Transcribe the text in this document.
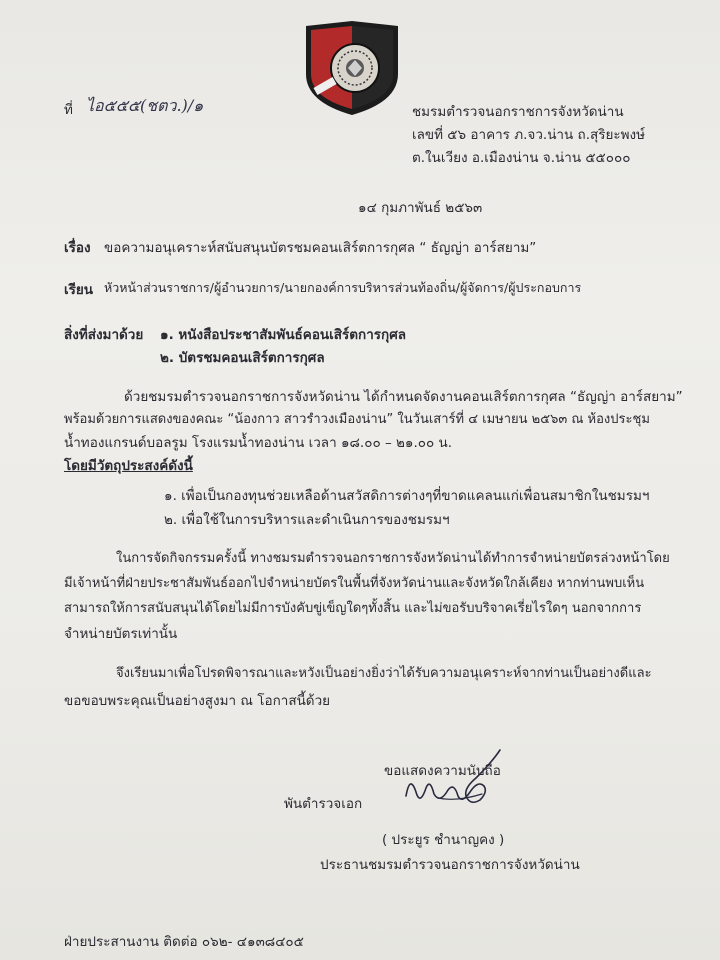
ที่ ไอ๕๕๕(ชตว.)/๑	ชมรมตำรวจนอกราชการจังหวัดน่าน
เลขที่ ๕๖ อาคาร ภ.จว.น่าน ถ.สุริยะพงษ์
ต.ในเวียง อ.เมืองน่าน จ.น่าน ๕๕๐๐๐
๑๔ กุมภาพันธ์ ๒๕๖๓
เรื่อง ขอความอนุเคราะห์สนับสนุนบัตรชมคอนเสิร์ตการกุศล “ ธัญญ่า อาร์สยาม”
เรียน หัวหน้าส่วนราชการ/ผู้อำนวยการ/นายกองค์การบริหารส่วนท้องถิ่น/ผู้จัดการ/ผู้ประกอบการ
สิ่งที่ส่งมาด้วย ๑. หนังสือประชาสัมพันธ์คอนเสิร์ตการกุศล
๒. บัตรชมคอนเสิร์ตการกุศล
ด้วยชมรมตำรวจนอกราชการจังหวัดน่าน ได้กำหนดจัดงานคอนเสิร์ตการกุศล “ธัญญ่า อาร์สยาม”
พร้อมด้วยการแสดงของคณะ “น้องกาว สาวรำวงเมืองน่าน” ในวันเสาร์ที่ ๔ เมษายน ๒๕๖๓ ณ ห้องประชุม
น้ำทองแกรนด์บอลรูม โรงแรมน้ำทองน่าน เวลา ๑๘.๐๐ – ๒๑.๐๐ น.
โดยมีวัตถุประสงค์ดังนี้
๑. เพื่อเป็นกองทุนช่วยเหลือด้านสวัสดิการต่างๆที่ขาดแคลนแก่เพื่อนสมาชิกในชมรมฯ
๒. เพื่อใช้ในการบริหารและดำเนินการของชมรมฯ
ในการจัดกิจกรรมครั้งนี้ ทางชมรมตำรวจนอกราชการจังหวัดน่านได้ทำการจำหน่ายบัตรล่วงหน้าโดย
มีเจ้าหน้าที่ฝ่ายประชาสัมพันธ์ออกไปจำหน่ายบัตรในพื้นที่จังหวัดน่านและจังหวัดใกล้เคียง หากท่านพบเห็น
สามารถให้การสนับสนุนได้โดยไม่มีการบังคับขู่เข็ญใดๆทั้งสิ้น และไม่ขอรับบริจาคเรี่ยไรใดๆ นอกจากการ
จำหน่ายบัตรเท่านั้น
จึงเรียนมาเพื่อโปรดพิจารณาและหวังเป็นอย่างยิ่งว่าได้รับความอนุเคราะห์จากท่านเป็นอย่างดีและ
ขอขอบพระคุณเป็นอย่างสูงมา ณ โอกาสนี้ด้วย
ขอแสดงความนับถือ
พันตำรวจเอก
( ประยูร ชำนาญคง )
ประธานชมรมตำรวจนอกราชการจังหวัดน่าน
ฝ่ายประสานงาน ติดต่อ ๐๖๒- ๔๑๓๘๔๐๕
